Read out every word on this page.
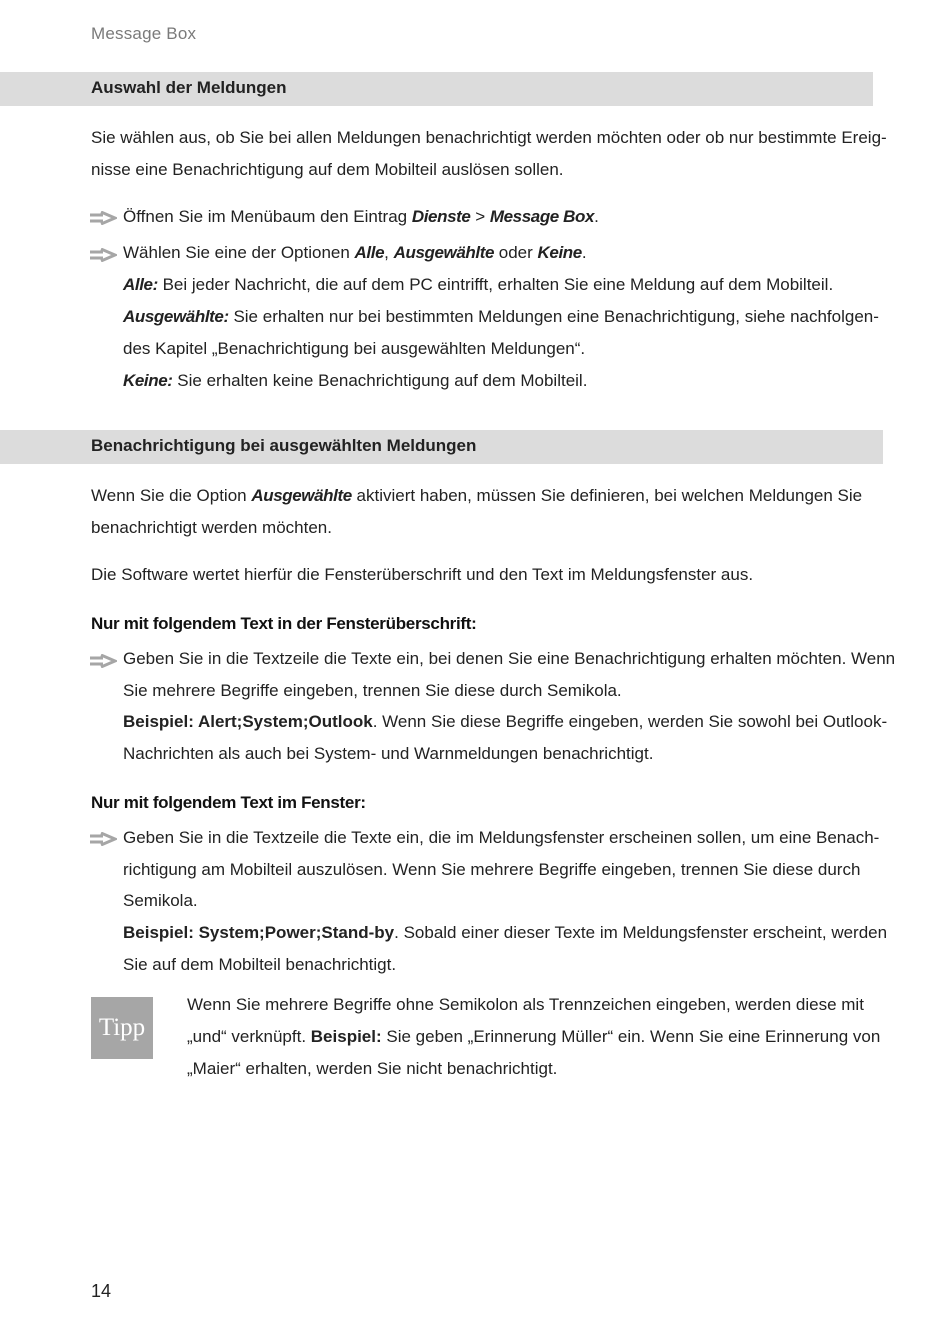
Message Box
Auswahl der Meldungen
Sie wählen aus, ob Sie bei allen Meldungen benachrichtigt werden möchten oder ob nur bestimmte Ereig-
nisse eine Benachrichtigung auf dem Mobilteil auslösen sollen.
Öffnen Sie im Menübaum den Eintrag Dienste > Message Box.
Wählen Sie eine der Optionen Alle, Ausgewählte oder Keine.
Alle: Bei jeder Nachricht, die auf dem PC eintrifft, erhalten Sie eine Meldung auf dem Mobilteil.
Ausgewählte: Sie erhalten nur bei bestimmten Meldungen eine Benachrichtigung, siehe nachfolgen-
des Kapitel „Benachrichtigung bei ausgewählten Meldungen“.
Keine: Sie erhalten keine Benachrichtigung auf dem Mobilteil.
Benachrichtigung bei ausgewählten Meldungen
Wenn Sie die Option Ausgewählte aktiviert haben, müssen Sie definieren, bei welchen Meldungen Sie
benachrichtigt werden möchten.
Die Software wertet hierfür die Fensterüberschrift und den Text im Meldungsfenster aus.
Nur mit folgendem Text in der Fensterüberschrift:
Geben Sie in die Textzeile die Texte ein, bei denen Sie eine Benachrichtigung erhalten möchten. Wenn
Sie mehrere Begriffe eingeben, trennen Sie diese durch Semikola.
Beispiel: Alert;System;Outlook. Wenn Sie diese Begriffe eingeben, werden Sie sowohl bei Outlook-
Nachrichten als auch bei System- und Warnmeldungen benachrichtigt.
Nur mit folgendem Text im Fenster:
Geben Sie in die Textzeile die Texte ein, die im Meldungsfenster erscheinen sollen, um eine Benach-
richtigung am Mobilteil auszulösen. Wenn Sie mehrere Begriffe eingeben, trennen Sie diese durch
Semikola.
Beispiel: System;Power;Stand-by. Sobald einer dieser Texte im Meldungsfenster erscheint, werden
Sie auf dem Mobilteil benachrichtigt.
Tipp
Wenn Sie mehrere Begriffe ohne Semikolon als Trennzeichen eingeben, werden diese mit
„und“ verknüpft. Beispiel: Sie geben „Erinnerung Müller“ ein. Wenn Sie eine Erinnerung von
„Maier“ erhalten, werden Sie nicht benachrichtigt.
14
